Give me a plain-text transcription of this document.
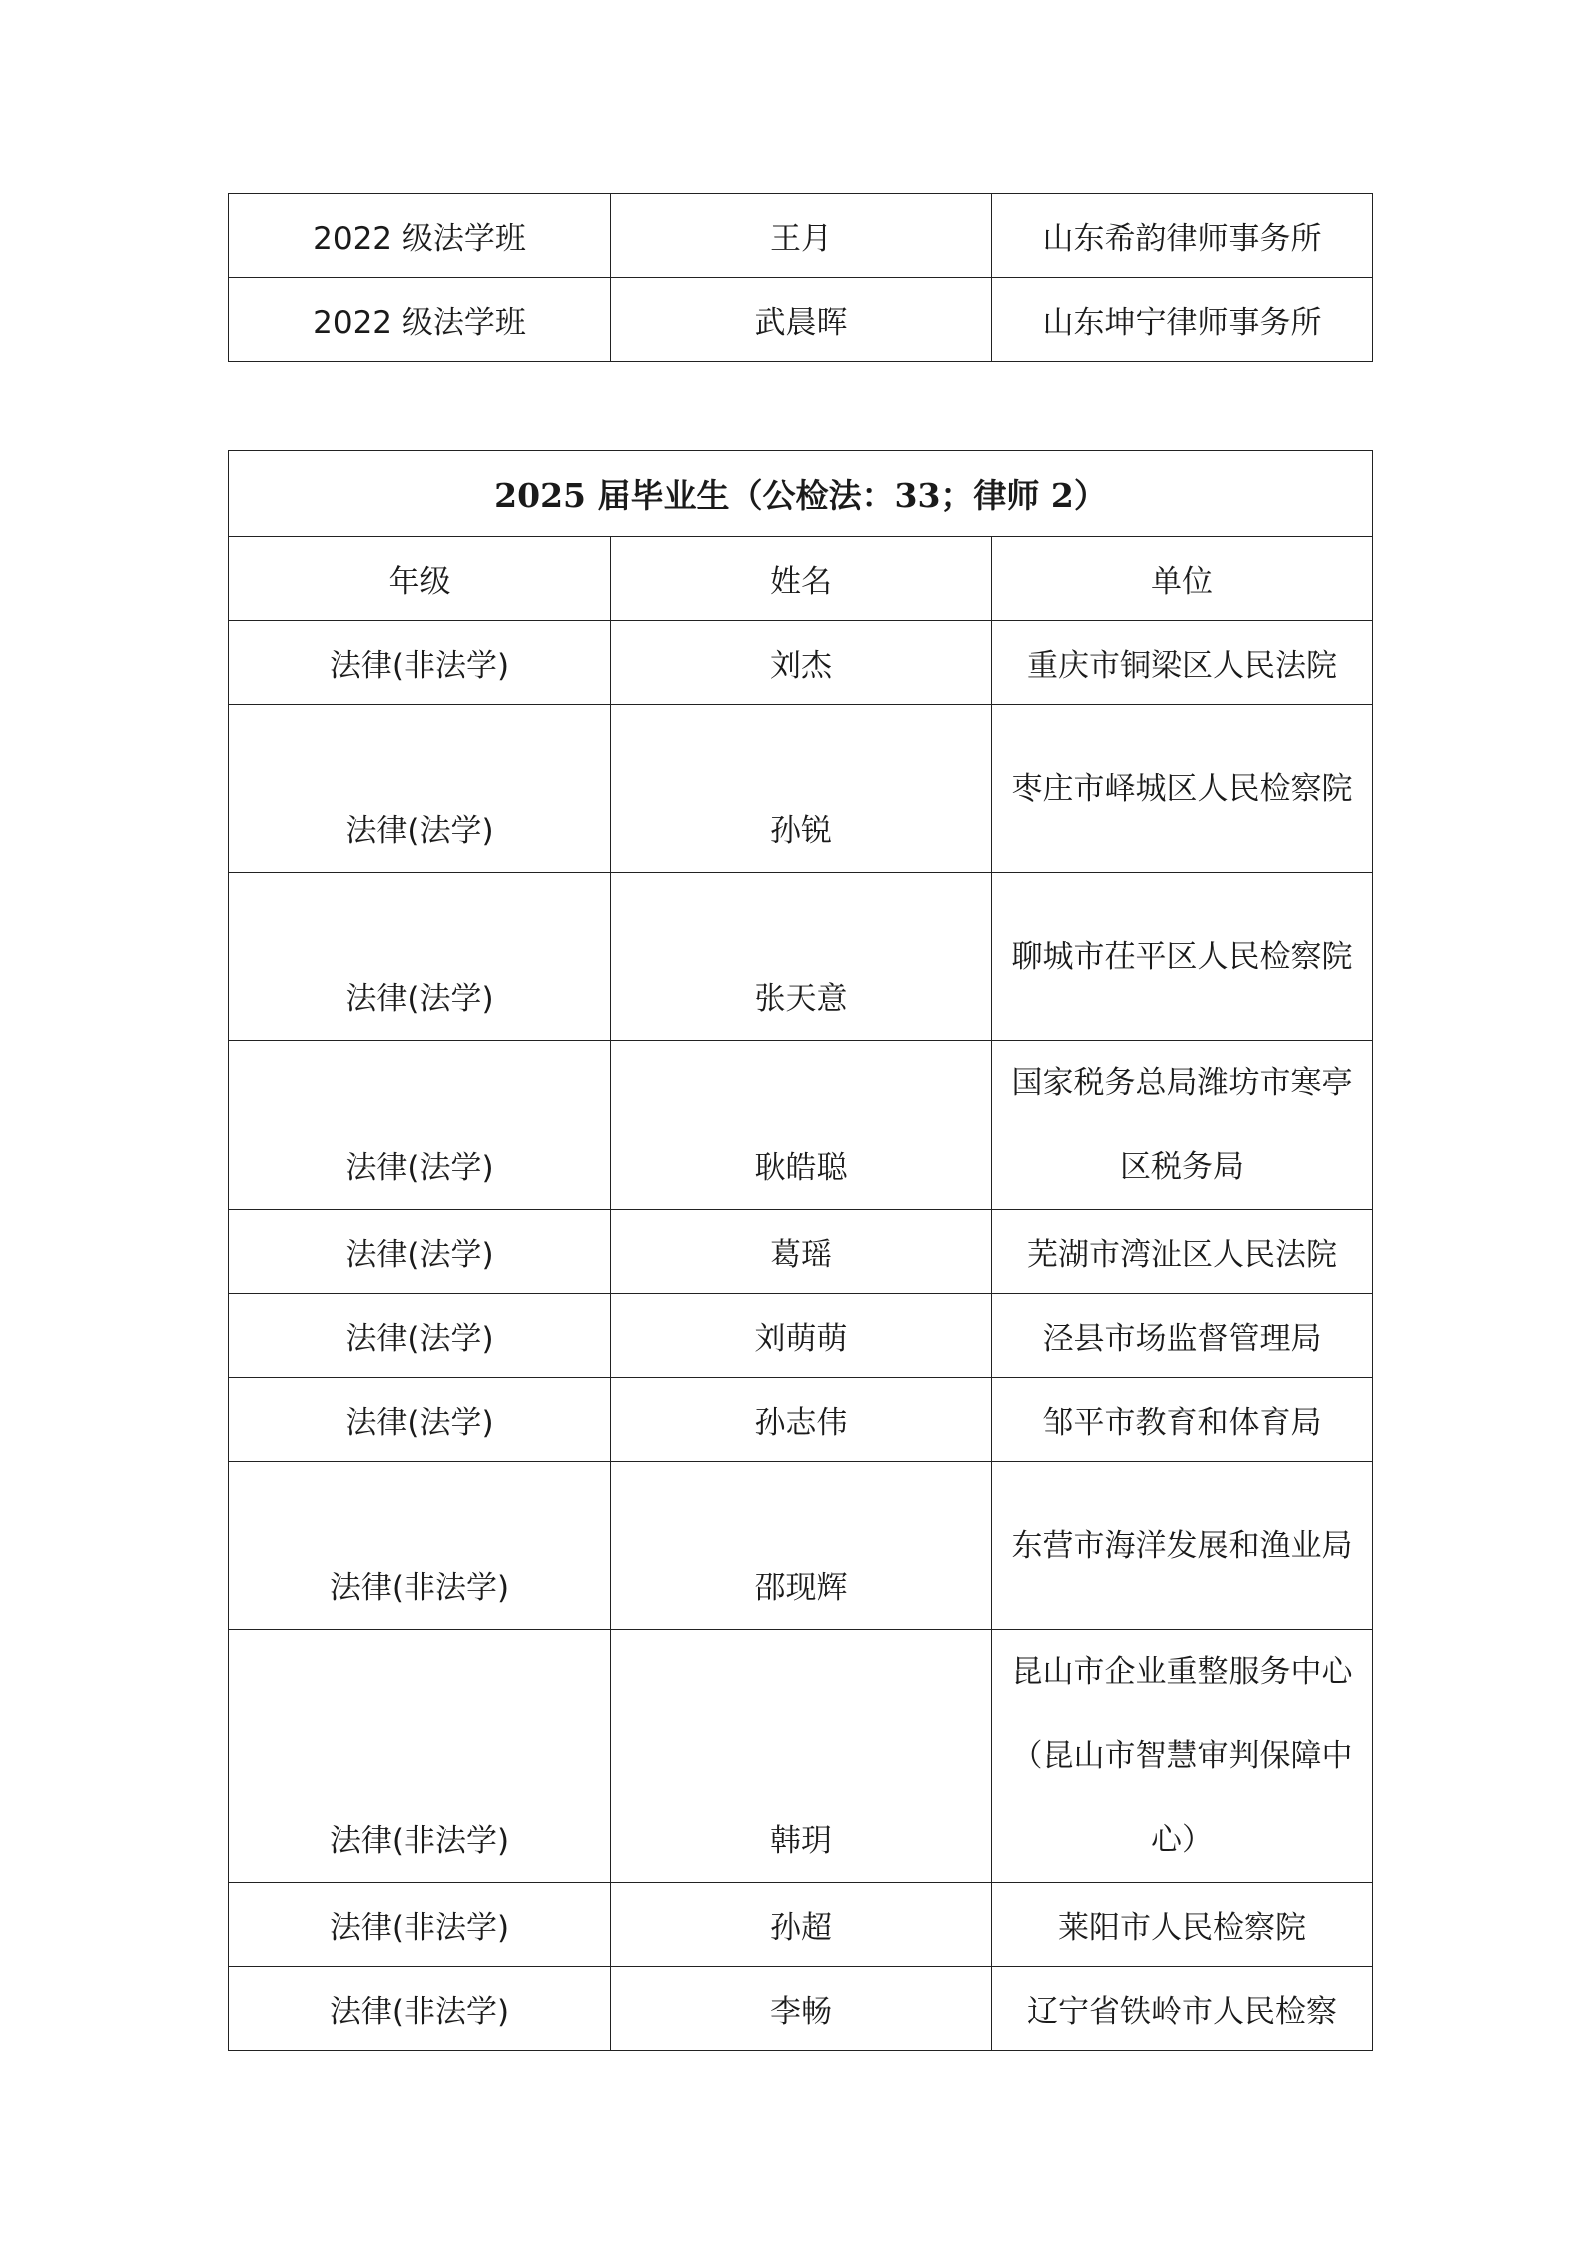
2022 级法学班	王月	山东希韵律师事务所
2022 级法学班	武晨晖	山东坤宁律师事务所
2025 届毕业生（公检法：33；律师 2）		
年级	姓名	单位
法律(非法学)	刘杰	重庆市铜梁区人民法院
法律(法学)	孙锐	枣庄市峄城区人民检察院
法律(法学)	张天意	聊城市茌平区人民检察院
法律(法学)	耿皓聪	国家税务总局潍坊市寒亭区税务局
法律(法学)	葛瑶	芜湖市湾沚区人民法院
法律(法学)	刘萌萌	泾县市场监督管理局
法律(法学)	孙志伟	邹平市教育和体育局
法律(非法学)	邵现辉	东营市海洋发展和渔业局
法律(非法学)	韩玥	昆山市企业重整服务中心（昆山市智慧审判保障中心）
法律(非法学)	孙超	莱阳市人民检察院
法律(非法学)	李畅	辽宁省铁岭市人民检察
